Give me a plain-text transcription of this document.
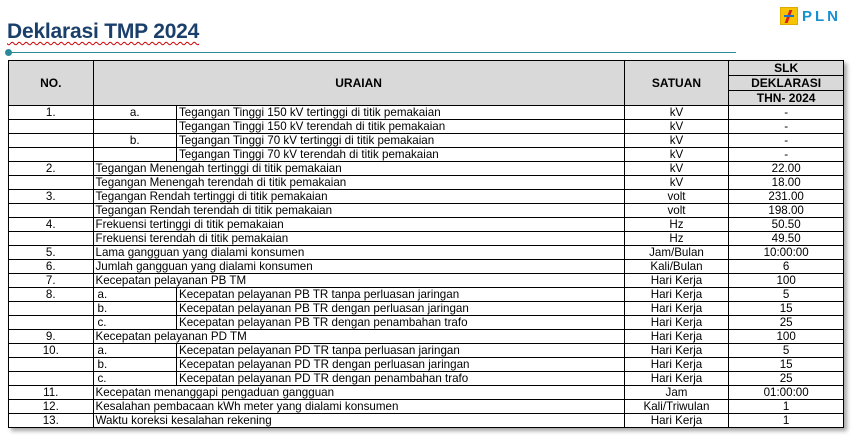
Deklarasi TMP 2024
PLN
NO.	URAIAN		SATUAN	SLK
				DEKLARASI
				THN- 2024
1.	a.	Tegangan Tinggi 150 kV tertinggi di titik pemakaian	kV	-
		Tegangan Tinggi 150 kV terendah di titik pemakaian	kV	-
	b.	Tegangan Tinggi 70 kV tertinggi di titik pemakaian	kV	-
		Tegangan Tinggi 70 kV terendah di titik pemakaian	kV	-
2.	Tegangan Menengah tertinggi di titik pemakaian		kV	22.00
	Tegangan Menengah terendah di titik pemakaian		kV	18.00
3.	Tegangan Rendah tertinggi di titik pemakaian		volt	231.00
	Tegangan Rendah terendah di titik pemakaian		volt	198.00
4.	Frekuensi tertinggi di titik pemakaian		Hz	50.50
	Frekuensi terendah di titik pemakaian		Hz	49.50
5.	Lama gangguan yang dialami konsumen		Jam/Bulan	10:00:00
6.	Jumlah gangguan yang dialami konsumen		Kali/Bulan	6
7.	Kecepatan pelayanan PB TM		Hari Kerja	100
8.	a.	Kecepatan pelayanan PB TR tanpa perluasan jaringan	Hari Kerja	5
	b.	Kecepatan pelayanan PB TR dengan perluasan jaringan	Hari Kerja	15
	c.	Kecepatan pelayanan PB TR dengan penambahan trafo	Hari Kerja	25
9.	Kecepatan pelayanan PD TM		Hari Kerja	100
10.	a.	Kecepatan pelayanan PD TR tanpa perluasan jaringan	Hari Kerja	5
	b.	Kecepatan pelayanan PD TR dengan perluasan jaringan	Hari Kerja	15
	c.	Kecepatan pelayanan PD TR dengan penambahan trafo	Hari Kerja	25
11.	Kecepatan menanggapi pengaduan gangguan		Jam	01:00:00
12.	Kesalahan pembacaan kWh meter yang dialami konsumen		Kali/Triwulan	1
13.	Waktu koreksi kesalahan rekening		Hari Kerja	1
